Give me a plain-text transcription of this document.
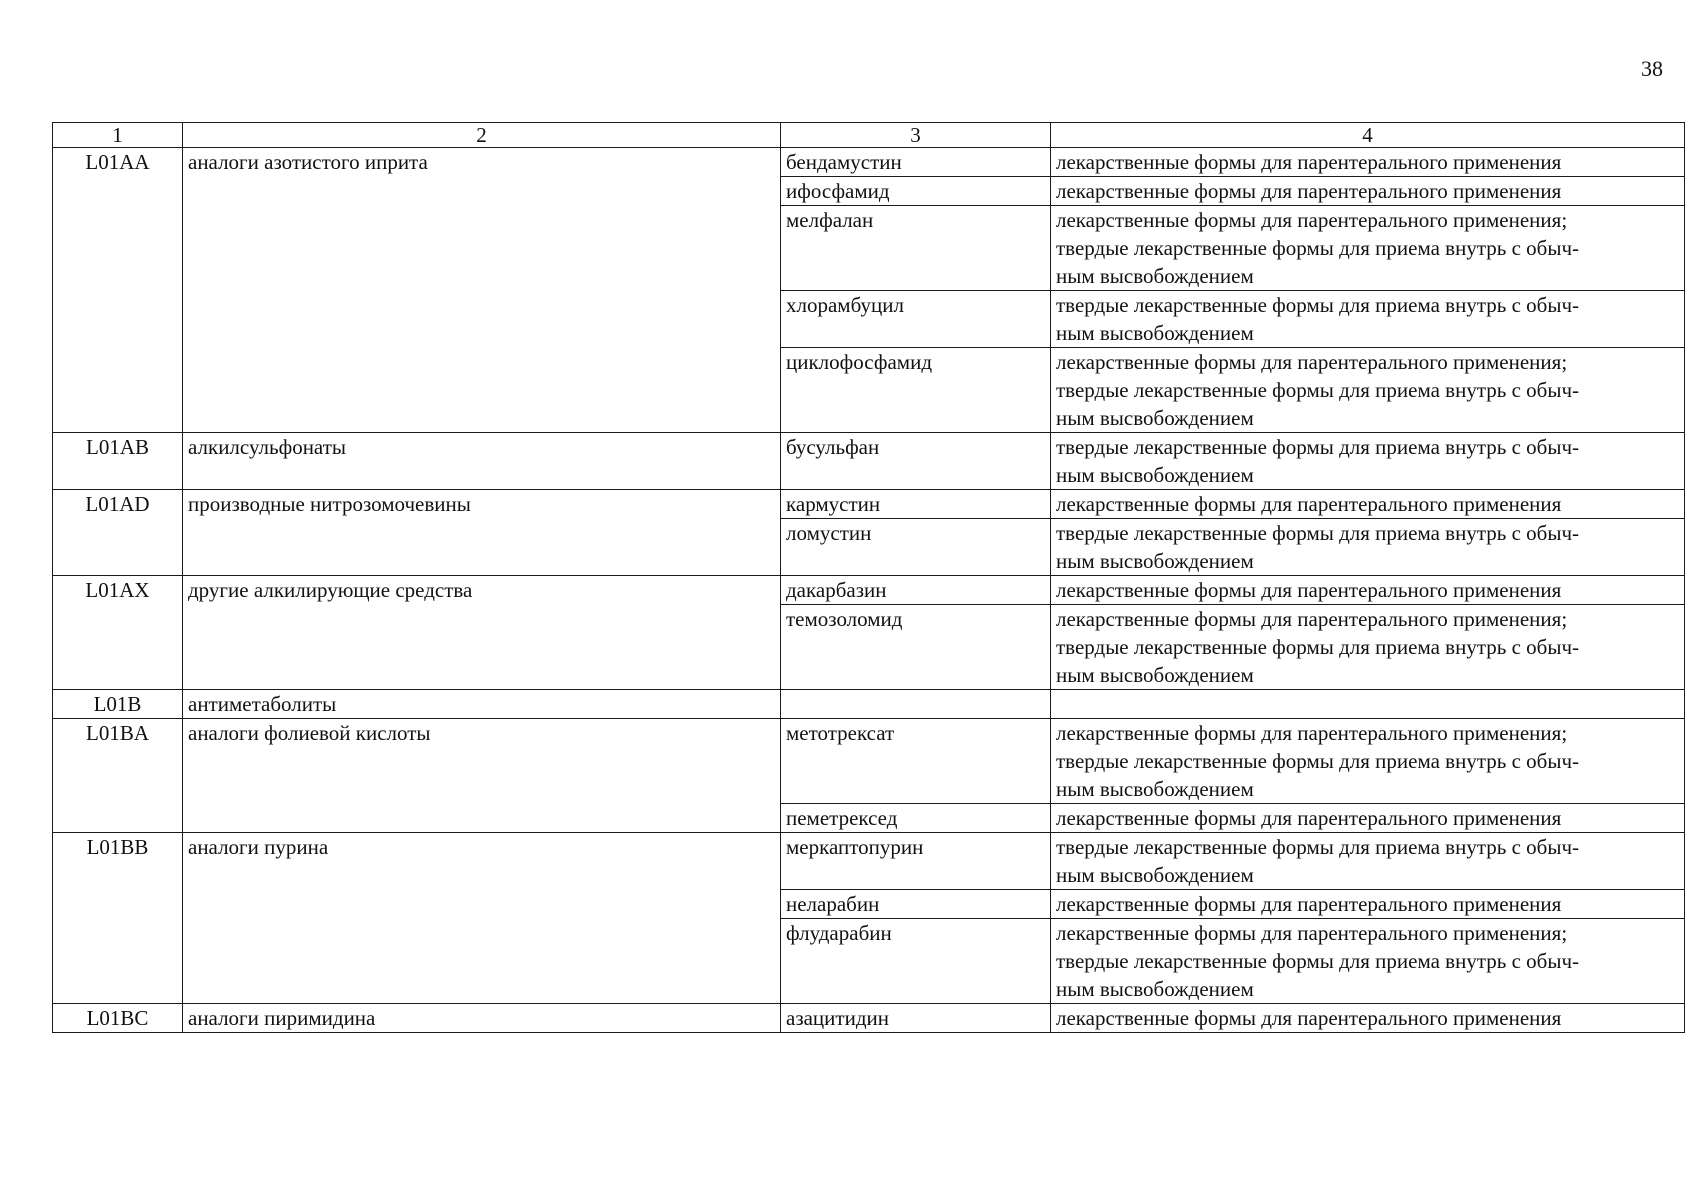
38
1	2	3	4
L01AA	аналоги азотистого иприта	бендамустин	лекарственные формы для парентерального применения

		ифосфамид	лекарственные формы для парентерального применения

		мелфалан	лекарственные формы для парентерального применения;
твердые лекарственные формы для приема внутрь с обыч-
ным высвобождением

		хлорамбуцил	твердые лекарственные формы для приема внутрь с обыч-
ным высвобождением

		циклофосфамид	лекарственные формы для парентерального применения;
твердые лекарственные формы для приема внутрь с обыч-
ным высвобождением

L01AB	алкилсульфонаты	бусульфан	твердые лекарственные формы для приема внутрь с обыч-
ным высвобождением

L01AD	производные нитрозомочевины	кармустин	лекарственные формы для парентерального применения

		ломустин	твердые лекарственные формы для приема внутрь с обыч-
ным высвобождением

L01AX	другие алкилирующие средства	дакарбазин	лекарственные формы для парентерального применения

		темозоломид	лекарственные формы для парентерального применения;
твердые лекарственные формы для приема внутрь с обыч-
ным высвобождением

L01B	антиметаболиты		

L01BA	аналоги фолиевой кислоты	метотрексат	лекарственные формы для парентерального применения;
твердые лекарственные формы для приема внутрь с обыч-
ным высвобождением

		пеметрексед	лекарственные формы для парентерального применения

L01BB	аналоги пурина	меркаптопурин	твердые лекарственные формы для приема внутрь с обыч-
ным высвобождением

		неларабин	лекарственные формы для парентерального применения

		флударабин	лекарственные формы для парентерального применения;
твердые лекарственные формы для приема внутрь с обыч-
ным высвобождением

L01BC	аналоги пиримидина	азацитидин	лекарственные формы для парентерального применения
